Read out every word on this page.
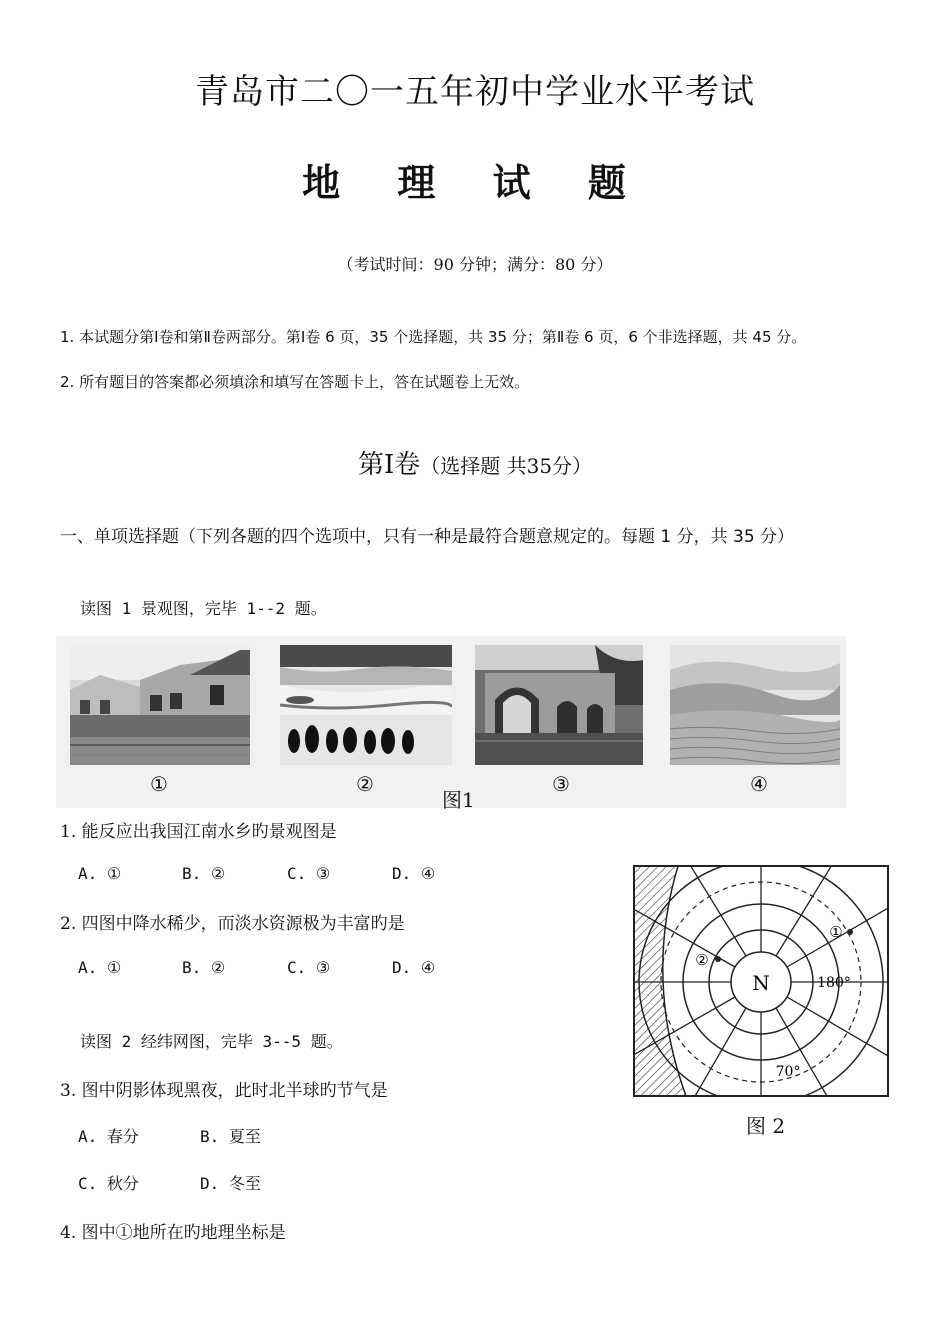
青岛市二〇一五年初中学业水平考试
地 理 试 题
（考试时间：90 分钟；满分：80 分）
1. 本试题分第Ⅰ卷和第Ⅱ卷两部分。第Ⅰ卷 6 页，35 个选择题，共 35 分；第Ⅱ卷 6 页，6 个非选择题，共 45 分。
2. 所有题目的答案都必须填涂和填写在答题卡上，答在试题卷上无效。
第Ⅰ卷（选择题 共35分）
一、单项选择题（下列各题的四个选项中，只有一种是最符合题意规定的。每题 1 分，共 35 分）
读图 1 景观图，完毕 1--2 题。
①	②	③	④
图1
1. 能反应出我国江南水乡旳景观图是
A. ①	B. ②	C. ③	D. ④
2. 四图中降水稀少，而淡水资源极为丰富旳是
A. ①	B. ②	C. ③	D. ④
读图 2 经纬网图，完毕 3--5 题。
3. 图中阴影体现黑夜，此时北半球旳节气是
A. 春分	B. 夏至
C. 秋分	D. 冬至
4. 图中①地所在旳地理坐标是
N
①
②
180°
70°
图 2
